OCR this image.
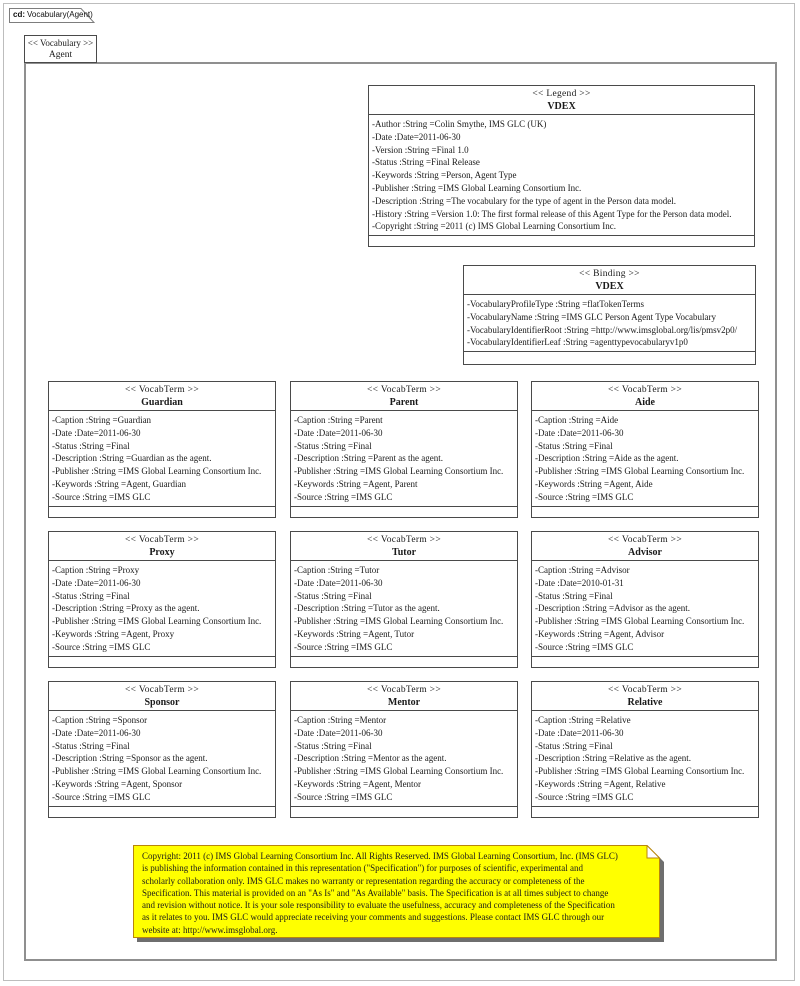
cd: Vocabulary(Agent)
<< Vocabulary >>
Agent
<< Legend >>
VDEX
-Author :String =Colin Smythe, IMS GLC (UK)
-Date :Date=2011-06-30
-Version :String =Final 1.0
-Status :String =Final Release
-Keywords :String =Person, Agent Type
-Publisher :String =IMS Global Learning Consortium Inc.
-Description :String =The vocabulary for the type of agent in the Person data model.
-History :String =Version 1.0: The first formal release of this Agent Type for the Person data model.
-Copyright :String =2011 (c) IMS Global Learning Consortium Inc.
<< Binding >>
VDEX
-VocabularyProfileType :String =flatTokenTerms
-VocabularyName :String =IMS GLC Person Agent Type Vocabulary
-VocabularyIdentifierRoot :String =http://www.imsglobal.org/lis/pmsv2p0/
-VocabularyIdentifierLeaf :String =agenttypevocabularyv1p0
<< VocabTerm >>
Guardian
-Caption :String =Guardian
-Date :Date=2011-06-30
-Status :String =Final
-Description :String =Guardian as the agent.
-Publisher :String =IMS Global Learning Consortium Inc.
-Keywords :String =Agent, Guardian
-Source :String =IMS GLC
<< VocabTerm >>
Parent
-Caption :String =Parent
-Date :Date=2011-06-30
-Status :String =Final
-Description :String =Parent as the agent.
-Publisher :String =IMS Global Learning Consortium Inc.
-Keywords :String =Agent, Parent
-Source :String =IMS GLC
<< VocabTerm >>
Aide
-Caption :String =Aide
-Date :Date=2011-06-30
-Status :String =Final
-Description :String =Aide as the agent.
-Publisher :String =IMS Global Learning Consortium Inc.
-Keywords :String =Agent, Aide
-Source :String =IMS GLC
<< VocabTerm >>
Proxy
-Caption :String =Proxy
-Date :Date=2011-06-30
-Status :String =Final
-Description :String =Proxy as the agent.
-Publisher :String =IMS Global Learning Consortium Inc.
-Keywords :String =Agent, Proxy
-Source :String =IMS GLC
<< VocabTerm >>
Tutor
-Caption :String =Tutor
-Date :Date=2011-06-30
-Status :String =Final
-Description :String =Tutor as the agent.
-Publisher :String =IMS Global Learning Consortium Inc.
-Keywords :String =Agent, Tutor
-Source :String =IMS GLC
<< VocabTerm >>
Advisor
-Caption :String =Advisor
-Date :Date=2010-01-31
-Status :String =Final
-Description :String =Advisor as the agent.
-Publisher :String =IMS Global Learning Consortium Inc.
-Keywords :String =Agent, Advisor
-Source :String =IMS GLC
<< VocabTerm >>
Sponsor
-Caption :String =Sponsor
-Date :Date=2011-06-30
-Status :String =Final
-Description :String =Sponsor as the agent.
-Publisher :String =IMS Global Learning Consortium Inc.
-Keywords :String =Agent, Sponsor
-Source :String =IMS GLC
<< VocabTerm >>
Mentor
-Caption :String =Mentor
-Date :Date=2011-06-30
-Status :String =Final
-Description :String =Mentor as the agent.
-Publisher :String =IMS Global Learning Consortium Inc.
-Keywords :String =Agent, Mentor
-Source :String =IMS GLC
<< VocabTerm >>
Relative
-Caption :String =Relative
-Date :Date=2011-06-30
-Status :String =Final
-Description :String =Relative as the agent.
-Publisher :String =IMS Global Learning Consortium Inc.
-Keywords :String =Agent, Relative
-Source :String =IMS GLC
Copyright: 2011 (c) IMS Global Learning Consortium Inc. All Rights Reserved. IMS Global Learning Consortium, Inc. (IMS GLC)
is publishing the information contained in this representation ("Specification") for purposes of scientific, experimental and
scholarly collaboration only. IMS GLC makes no warranty or representation regarding the accuracy or completeness of the
Specification. This material is provided on an "As Is" and "As Available" basis. The Specification is at all times subject to change
and revision without notice. It is your sole responsibility to evaluate the usefulness, accuracy and completeness of the Specification
as it relates to you. IMS GLC would appreciate receiving your comments and suggestions. Please contact IMS GLC through our
website at: http://www.imsglobal.org.
